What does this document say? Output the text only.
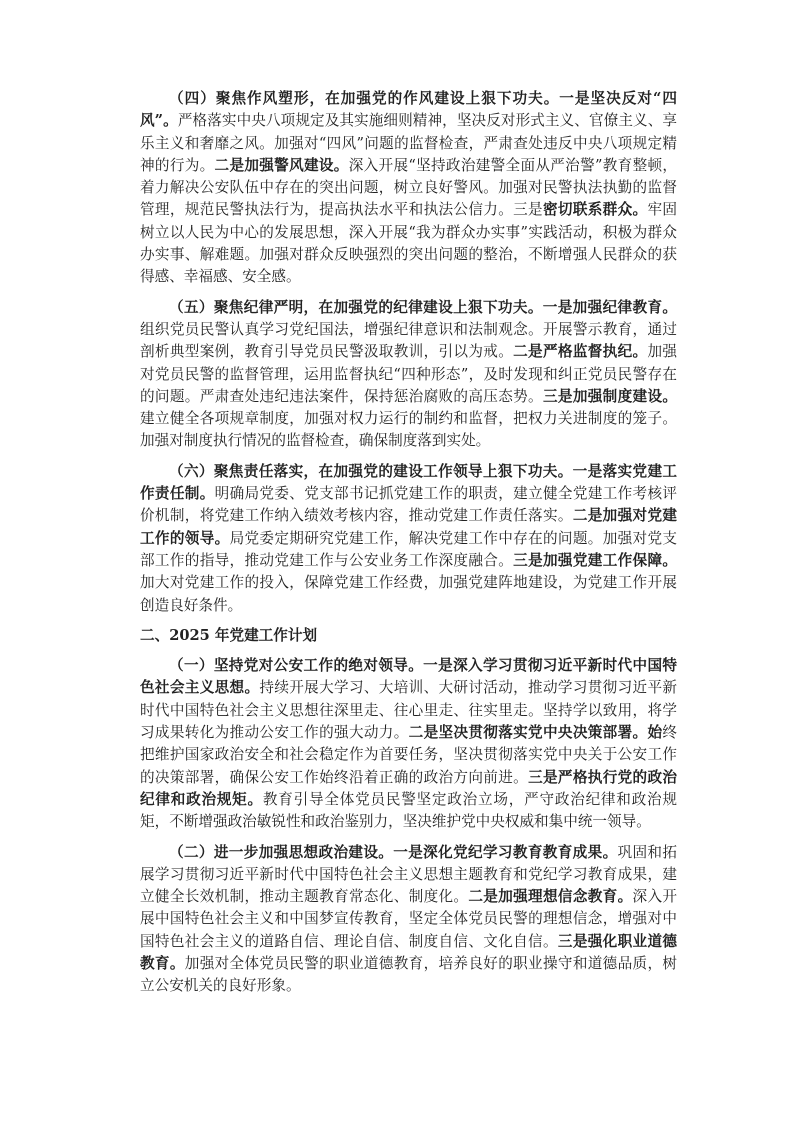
（四）聚焦作风塑形，在加强党的作风建设上狠下功夫。一是坚决反对“四风”。严格落实中央八项规定及其实施细则精神，坚决反对形式主义、官僚主义、享乐主义和奢靡之风。加强对“四风”问题的监督检查，严肃查处违反中央八项规定精神的行为。二是加强警风建设。深入开展“坚持政治建警全面从严治警”教育整顿，着力解决公安队伍中存在的突出问题，树立良好警风。加强对民警执法执勤的监督管理，规范民警执法行为，提高执法水平和执法公信力。三是密切联系群众。牢固树立以人民为中心的发展思想，深入开展“我为群众办实事”实践活动，积极为群众办实事、解难题。加强对群众反映强烈的突出问题的整治，不断增强人民群众的获得感、幸福感、安全感。

（五）聚焦纪律严明，在加强党的纪律建设上狠下功夫。一是加强纪律教育。组织党员民警认真学习党纪国法，增强纪律意识和法制观念。开展警示教育，通过剖析典型案例，教育引导党员民警汲取教训，引以为戒。二是严格监督执纪。加强对党员民警的监督管理，运用监督执纪“四种形态”，及时发现和纠正党员民警存在的问题。严肃查处违纪违法案件，保持惩治腐败的高压态势。三是加强制度建设。建立健全各项规章制度，加强对权力运行的制约和监督，把权力关进制度的笼子。加强对制度执行情况的监督检查，确保制度落到实处。

（六）聚焦责任落实，在加强党的建设工作领导上狠下功夫。一是落实党建工作责任制。明确局党委、党支部书记抓党建工作的职责，建立健全党建工作考核评价机制，将党建工作纳入绩效考核内容，推动党建工作责任落实。二是加强对党建工作的领导。局党委定期研究党建工作，解决党建工作中存在的问题。加强对党支部工作的指导，推动党建工作与公安业务工作深度融合。三是加强党建工作保障。加大对党建工作的投入，保障党建工作经费，加强党建阵地建设，为党建工作开展创造良好条件。

二、2025 年党建工作计划

（一）坚持党对公安工作的绝对领导。一是深入学习贯彻习近平新时代中国特色社会主义思想。持续开展大学习、大培训、大研讨活动，推动学习贯彻习近平新时代中国特色社会主义思想往深里走、往心里走、往实里走。坚持学以致用，将学习成果转化为推动公安工作的强大动力。二是坚决贯彻落实党中央决策部署。始终把维护国家政治安全和社会稳定作为首要任务，坚决贯彻落实党中央关于公安工作的决策部署，确保公安工作始终沿着正确的政治方向前进。三是严格执行党的政治纪律和政治规矩。教育引导全体党员民警坚定政治立场，严守政治纪律和政治规矩，不断增强政治敏锐性和政治鉴别力，坚决维护党中央权威和集中统一领导。

（二）进一步加强思想政治建设。一是深化党纪学习教育教育成果。巩固和拓展学习贯彻习近平新时代中国特色社会主义思想主题教育和党纪学习教育成果，建立健全长效机制，推动主题教育常态化、制度化。二是加强理想信念教育。深入开展中国特色社会主义和中国梦宣传教育，坚定全体党员民警的理想信念，增强对中国特色社会主义的道路自信、理论自信、制度自信、文化自信。三是强化职业道德教育。加强对全体党员民警的职业道德教育，培养良好的职业操守和道德品质，树立公安机关的良好形象。
